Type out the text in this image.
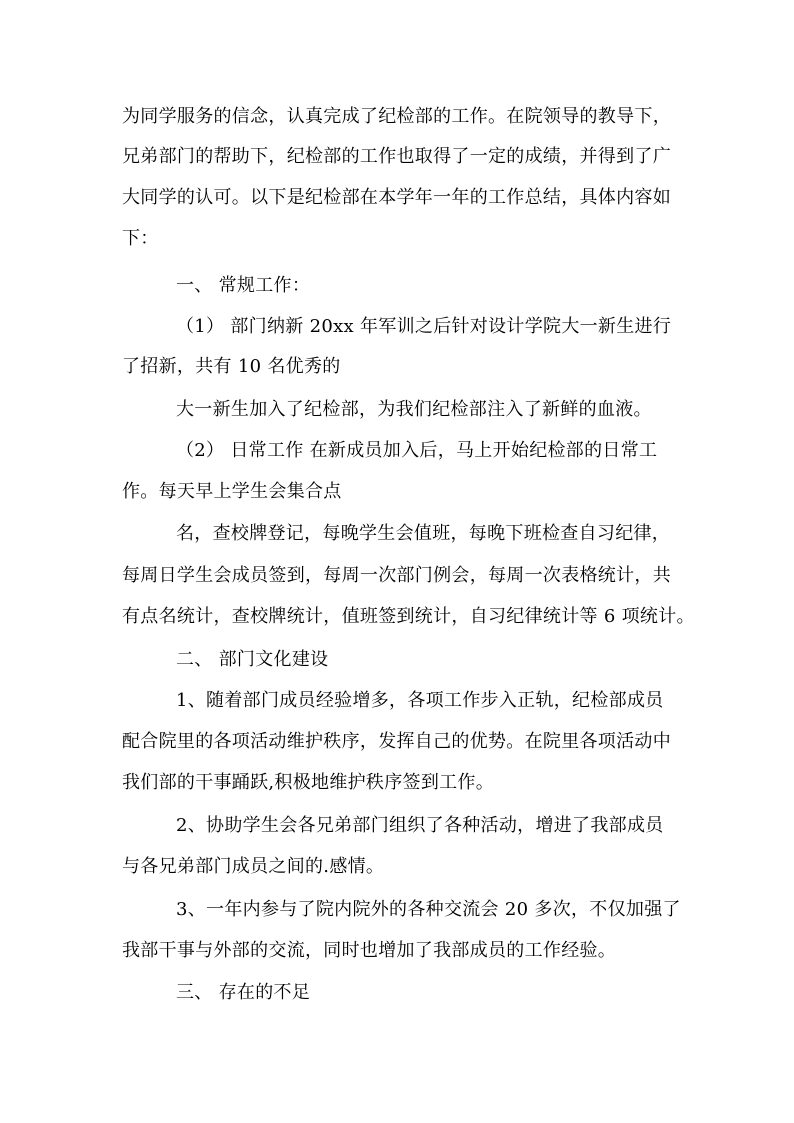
为同学服务的信念，认真完成了纪检部的工作。在院领导的教导下，
兄弟部门的帮助下，纪检部的工作也取得了一定的成绩，并得到了广
大同学的认可。以下是纪检部在本学年一年的工作总结，具体内容如
下：
一、 常规工作：
（1） 部门纳新 20xx 年军训之后针对设计学院大一新生进行
了招新，共有 10 名优秀的
大一新生加入了纪检部，为我们纪检部注入了新鲜的血液。
（2） 日常工作 在新成员加入后，马上开始纪检部的日常工
作。每天早上学生会集合点
名，查校牌登记，每晚学生会值班，每晚下班检查自习纪律，
每周日学生会成员签到，每周一次部门例会，每周一次表格统计，共
有点名统计，查校牌统计，值班签到统计，自习纪律统计等 6 项统计。
二、 部门文化建设
1、随着部门成员经验增多，各项工作步入正轨，纪检部成员
配合院里的各项活动维护秩序，发挥自己的优势。在院里各项活动中
我们部的干事踊跃,积极地维护秩序签到工作。
2、协助学生会各兄弟部门组织了各种活动，增进了我部成员
与各兄弟部门成员之间的.感情。
3、一年内参与了院内院外的各种交流会 20 多次，不仅加强了
我部干事与外部的交流，同时也增加了我部成员的工作经验。
三、 存在的不足
